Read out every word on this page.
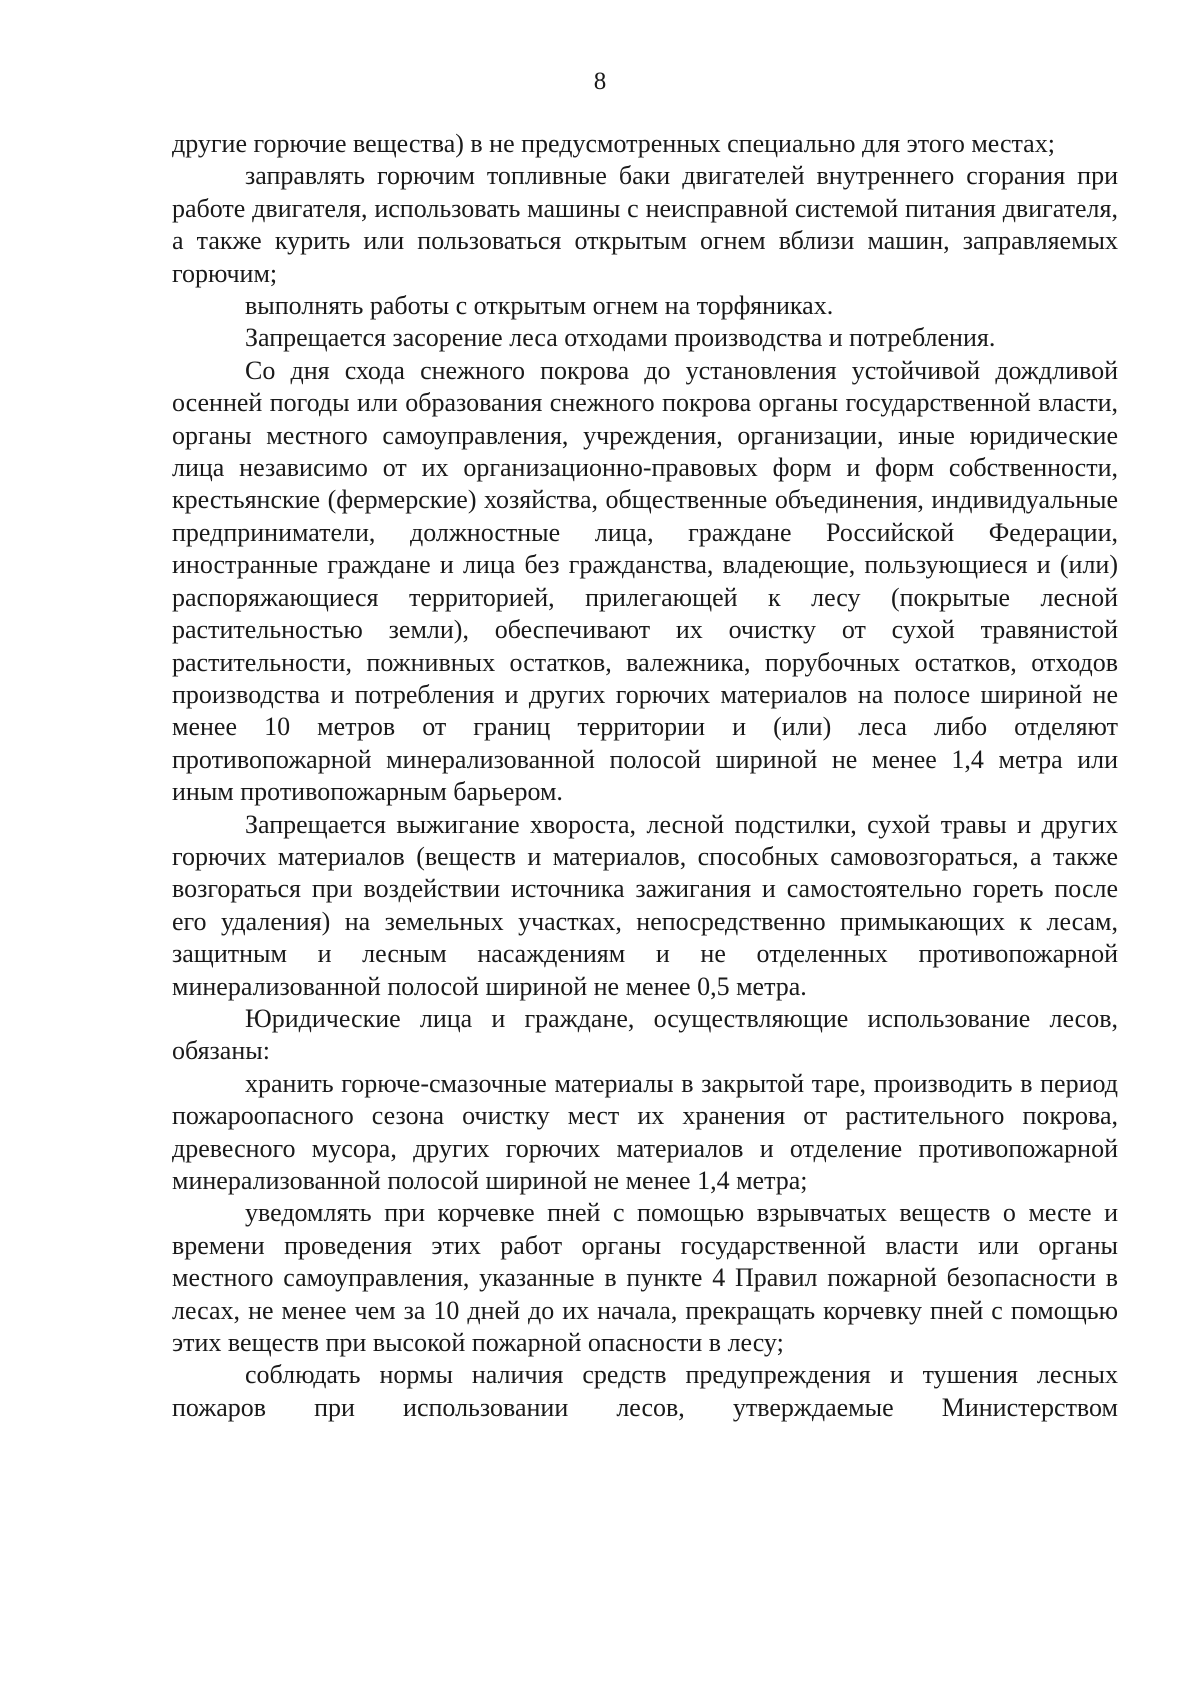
8

другие горючие вещества) в не предусмотренных специально для этого местах;

заправлять горючим топливные баки двигателей внутреннего сгорания при работе двигателя, использовать машины с неисправной системой питания двигателя, а также курить или пользоваться открытым огнем вблизи машин, заправляемых горючим;

выполнять работы с открытым огнем на торфяниках.

Запрещается засорение леса отходами производства и потребления.

Со дня схода снежного покрова до установления устойчивой дождливой осенней погоды или образования снежного покрова органы государственной власти, органы местного самоуправления, учреждения, организации, иные юридические лица независимо от их организационно-правовых форм и форм собственности, крестьянские (фермерские) хозяйства, общественные объединения, индивидуальные предприниматели, должностные лица, граждане Российской Федерации, иностранные граждане и лица без гражданства, владеющие, пользующиеся и (или) распоряжающиеся территорией, прилегающей к лесу (покрытые лесной растительностью земли), обеспечивают их очистку от сухой травянистой растительности, пожнивных остатков, валежника, порубочных остатков, отходов производства и потребления и других горючих материалов на полосе шириной не менее 10 метров от границ территории и (или) леса либо отделяют противопожарной минерализованной полосой шириной не менее 1,4 метра или иным противопожарным барьером.

Запрещается выжигание хвороста, лесной подстилки, сухой травы и других горючих материалов (веществ и материалов, способных самовозгораться, а также возгораться при воздействии источника зажигания и самостоятельно гореть после его удаления) на земельных участках, непосредственно примыкающих к лесам, защитным и лесным насаждениям и не отделенных противопожарной минерализованной полосой шириной не менее 0,5 метра.

Юридические лица и граждане, осуществляющие использование лесов, обязаны:

хранить горюче-смазочные материалы в закрытой таре, производить в период пожароопасного сезона очистку мест их хранения от растительного покрова, древесного мусора, других горючих материалов и отделение противопожарной минерализованной полосой шириной не менее 1,4 метра;

уведомлять при корчевке пней с помощью взрывчатых веществ о месте и времени проведения этих работ органы государственной власти или органы местного самоуправления, указанные в пункте 4 Правил пожарной безопасности в лесах, не менее чем за 10 дней до их начала, прекращать корчевку пней с помощью этих веществ при высокой пожарной опасности в лесу;

соблюдать нормы наличия средств предупреждения и тушения лесных пожаров при использовании лесов, утверждаемые Министерством
